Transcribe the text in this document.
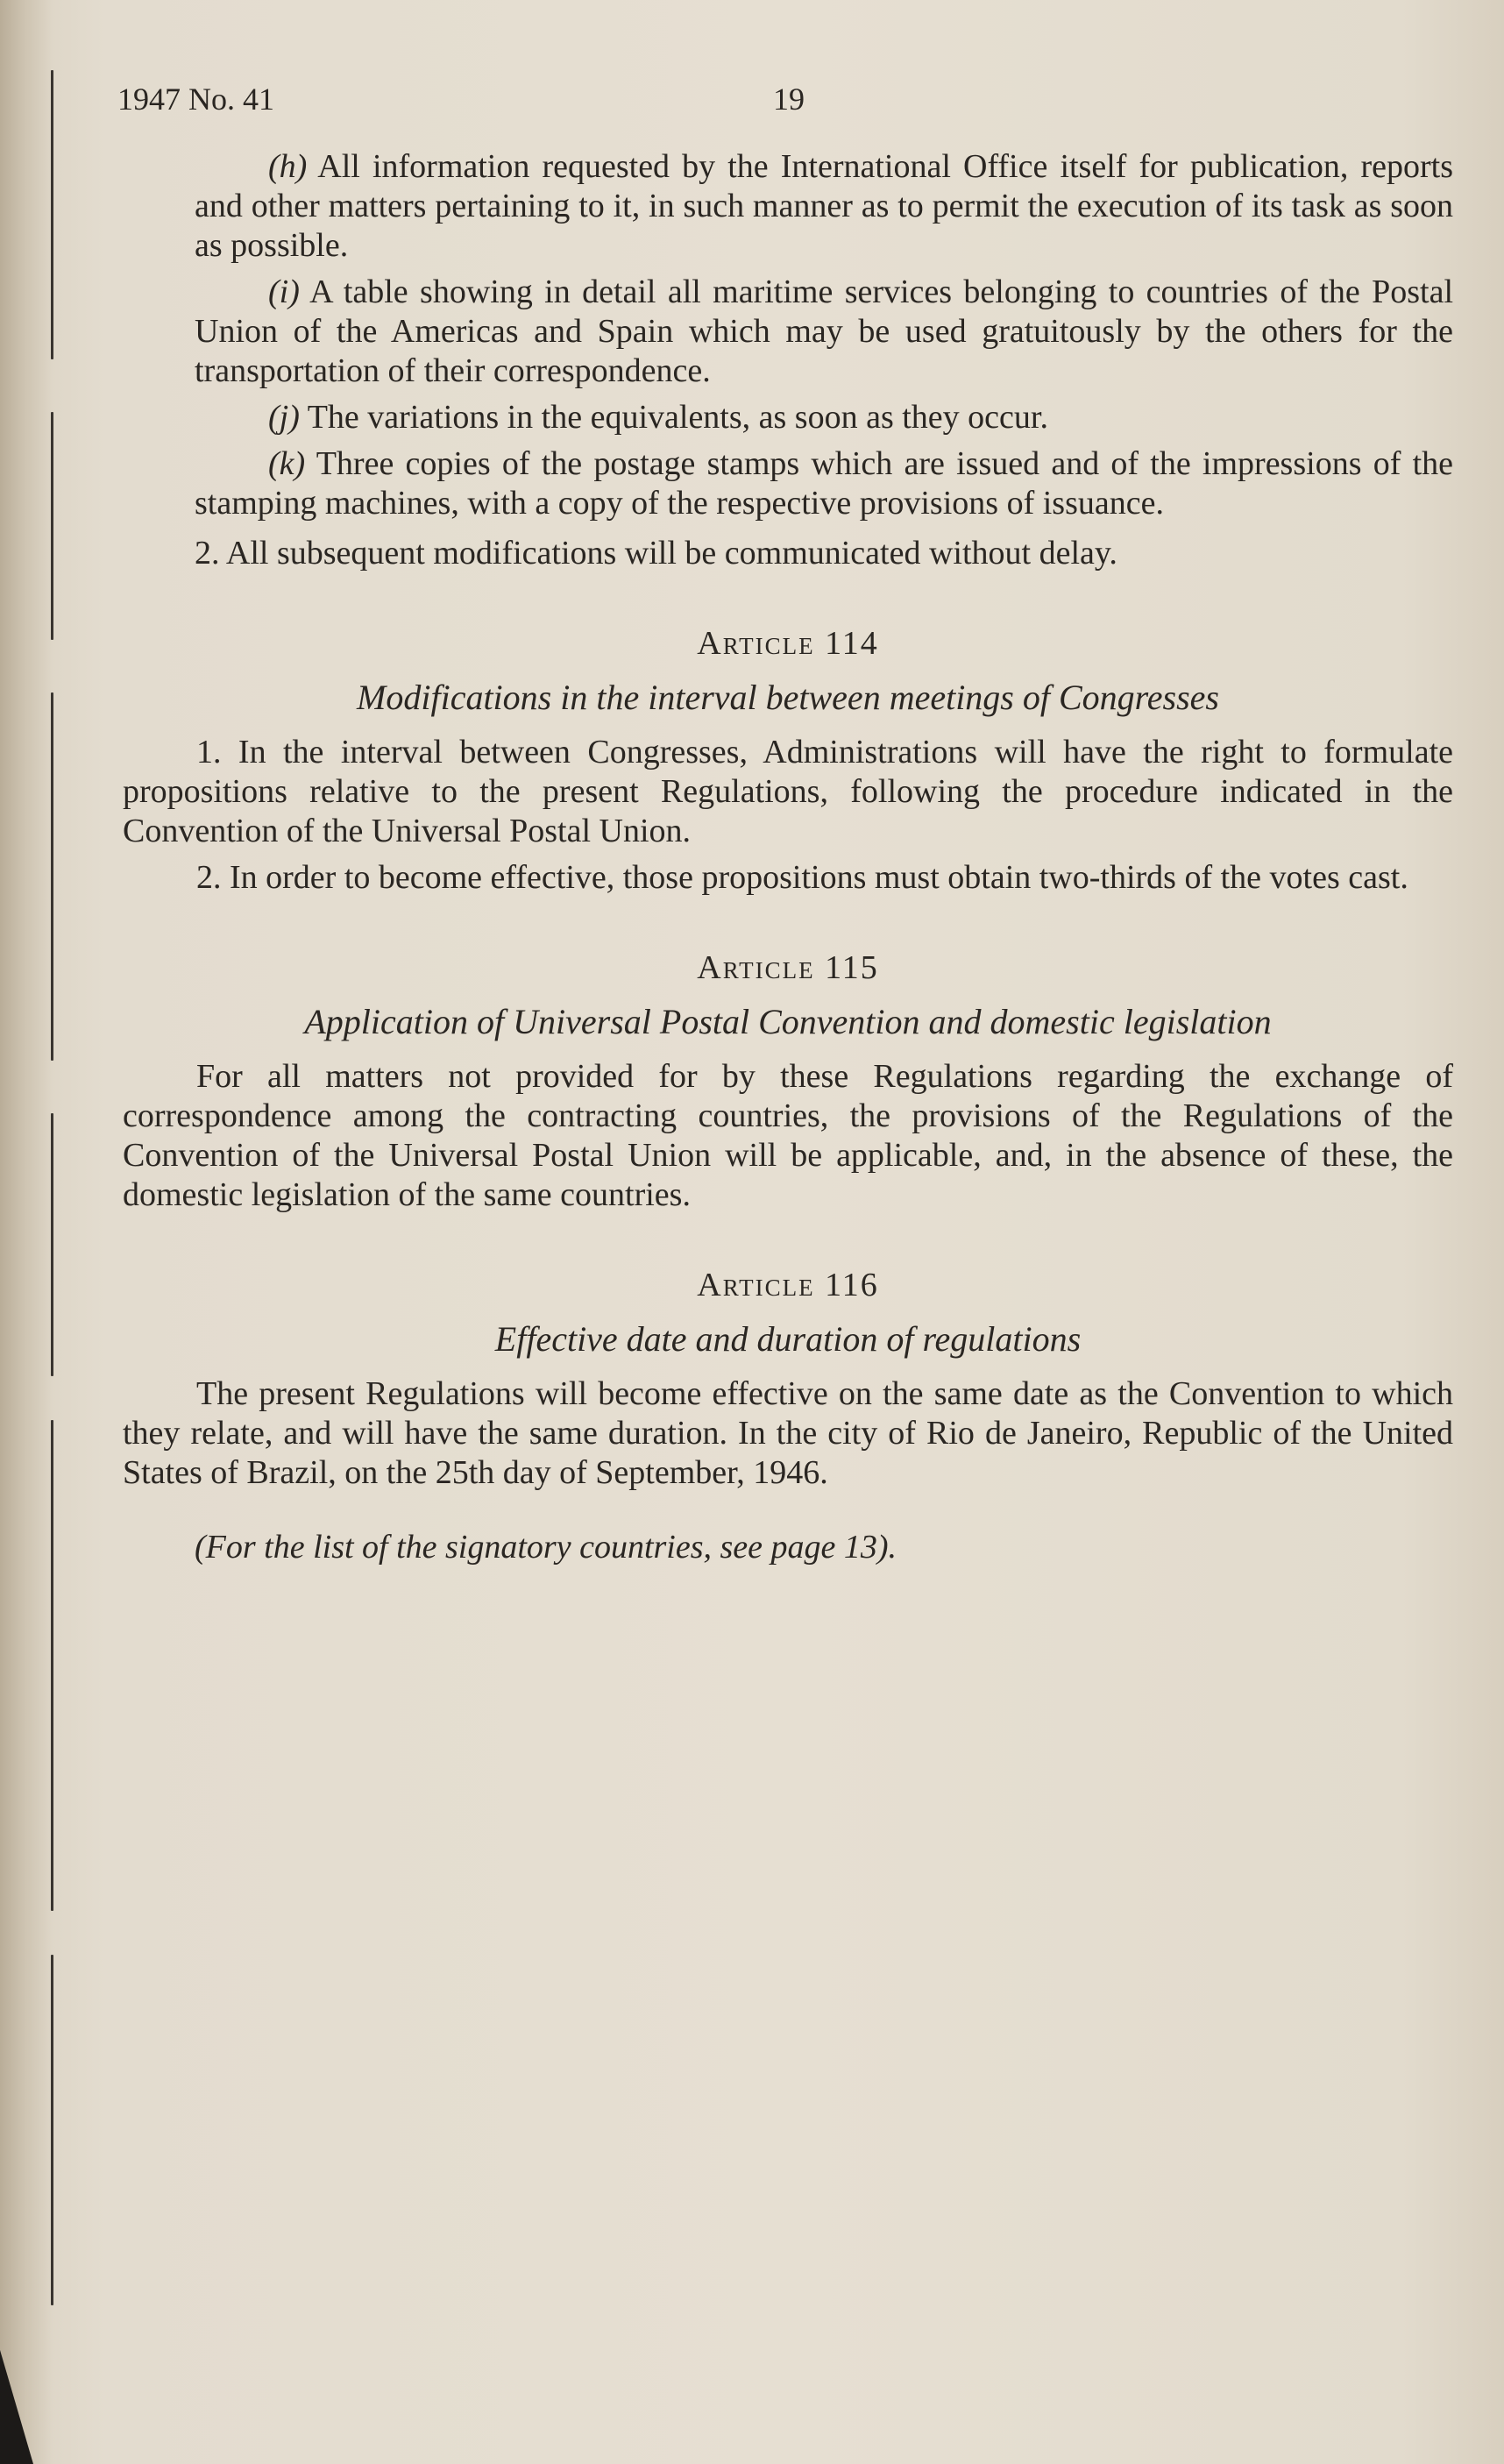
1947 No. 41	19

(h) All information requested by the International Office itself for publication, reports and other matters pertaining to it, in such manner as to permit the execution of its task as soon as possible.

(i) A table showing in detail all maritime services belonging to countries of the Postal Union of the Americas and Spain which may be used gratuitously by the others for the transportation of their correspondence.

(j) The variations in the equivalents, as soon as they occur.

(k) Three copies of the postage stamps which are issued and of the impressions of the stamping machines, with a copy of the respective provisions of issuance.

2. All subsequent modifications will be communicated without delay.

Article 114

Modifications in the interval between meetings of Congresses

1. In the interval between Congresses, Administrations will have the right to formulate propositions relative to the present Regulations, following the procedure indicated in the Convention of the Universal Postal Union.

2. In order to become effective, those propositions must obtain two-thirds of the votes cast.

Article 115

Application of Universal Postal Convention and domestic legislation

For all matters not provided for by these Regulations regarding the exchange of correspondence among the contracting countries, the provisions of the Regulations of the Convention of the Universal Postal Union will be applicable, and, in the absence of these, the domestic legislation of the same countries.

Article 116

Effective date and duration of regulations

The present Regulations will become effective on the same date as the Convention to which they relate, and will have the same duration. In the city of Rio de Janeiro, Republic of the United States of Brazil, on the 25th day of September, 1946.

(For the list of the signatory countries, see page 13).
